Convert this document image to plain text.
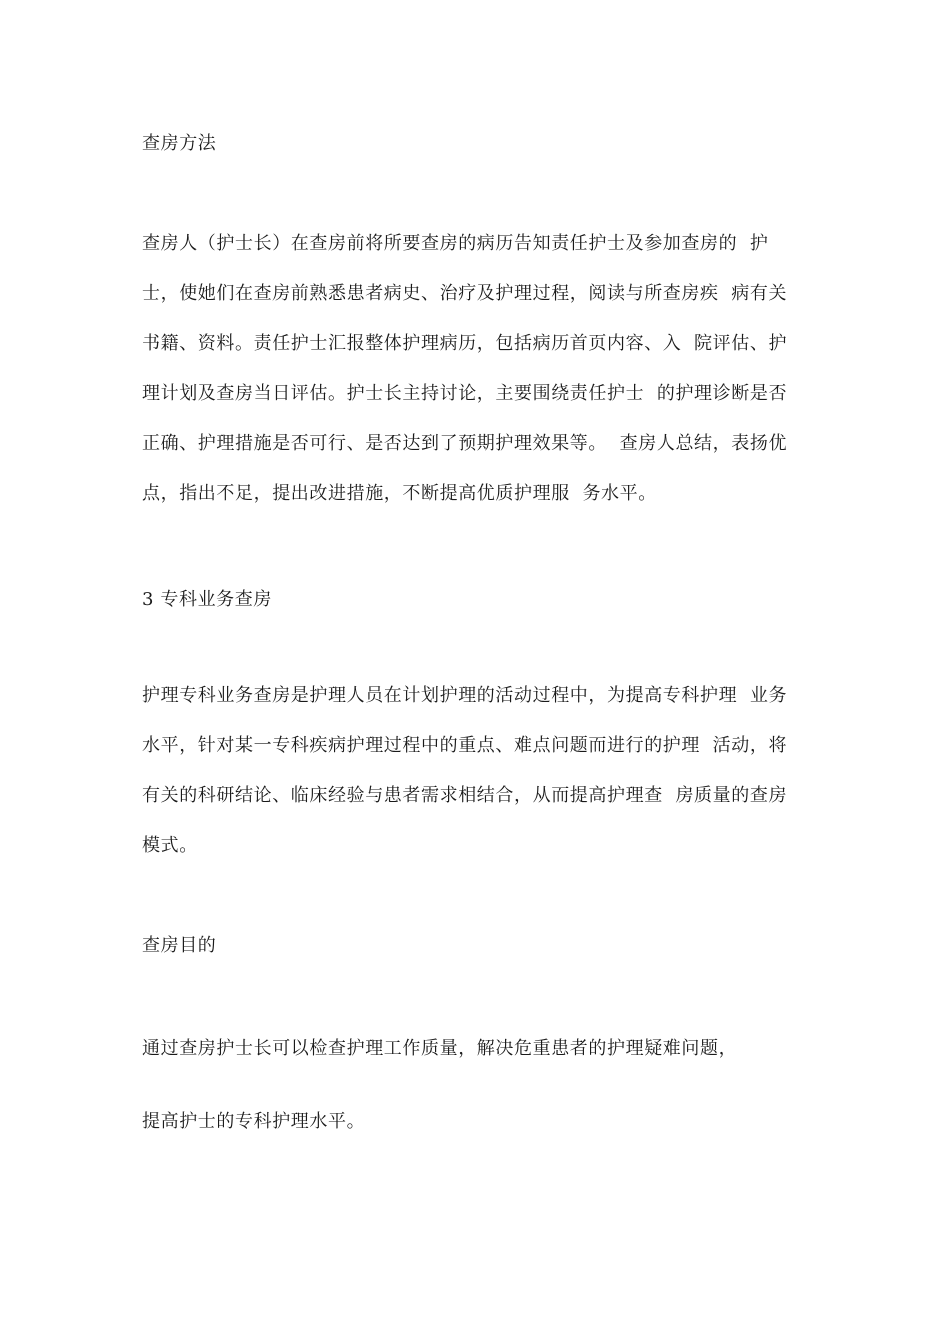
查房方法
查房人（护士长）在查房前将所要查房的病历告知责任护士及参加查房的  护
士，使她们在查房前熟悉患者病史、治疗及护理过程，阅读与所查房疾  病有关
书籍、资料。责任护士汇报整体护理病历，包括病历首页内容、入  院评估、护
理计划及查房当日评估。护士长主持讨论，主要围绕责任护士  的护理诊断是否
正确、护理措施是否可行、是否达到了预期护理效果等。  查房人总结，表扬优
点，指出不足，提出改进措施，不断提高优质护理服  务水平。
3 专科业务查房
护理专科业务查房是护理人员在计划护理的活动过程中，为提高专科护理  业务
水平，针对某一专科疾病护理过程中的重点、难点问题而进行的护理  活动，将
有关的科研结论、临床经验与患者需求相结合，从而提高护理查  房质量的查房
模式。
查房目的
通过查房护士长可以检查护理工作质量，解决危重患者的护理疑难问题，
提高护士的专科护理水平。
